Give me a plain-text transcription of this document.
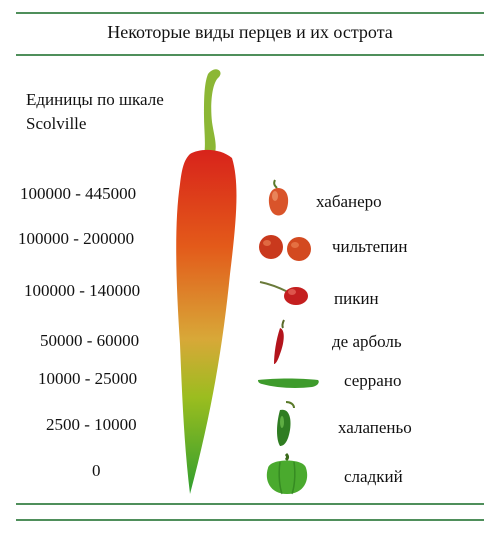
Некоторые виды перцев и их острота
Единицы по шкале
Scolville
100000 - 445000	хабанеро
100000 - 200000	чильтепин
100000 - 140000	пикин
50000 - 60000	де арболь
10000 - 25000	серрано
2500 - 10000	халапеньо
0	сладкий
